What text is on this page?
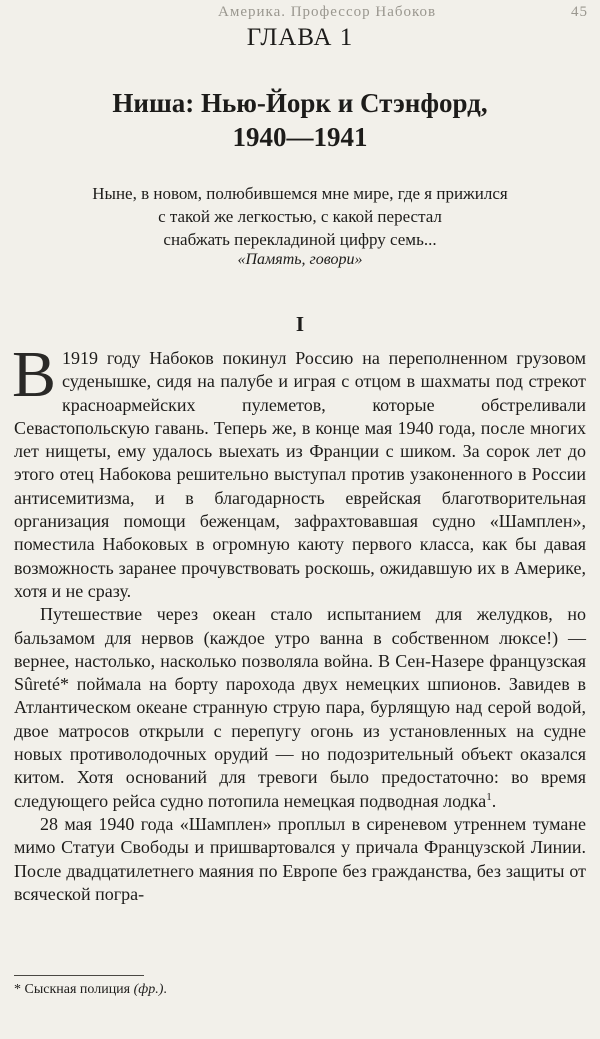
Америка. Профессор Набоков	45
ГЛАВА 1
Ниша: Нью-Йорк и Стэнфорд,
1940—1941
Ныне, в новом, полюбившемся мне мире, где я прижился
с такой же легкостью, с какой перестал
снабжать перекладиной цифру семь...
«Память, говори»
I

В 1919 году Набоков покинул Россию на переполненном грузовом суденышке, сидя на палубе и играя с отцом в шахматы под стрекот красноармейских пулеметов, которые обстреливали Севастопольскую гавань. Теперь же, в конце мая 1940 года, после многих лет нищеты, ему удалось выехать из Франции с шиком. За сорок лет до этого отец Набокова решительно выступал против узаконенного в России антисемитизма, и в благодарность еврейская благотворительная организация помощи беженцам, зафрахтовавшая судно «Шамплен», поместила Набоковых в огромную каюту первого класса, как бы давая возможность заранее прочувствовать роскошь, ожидавшую их в Америке, хотя и не сразу.

Путешествие через океан стало испытанием для желудков, но бальзамом для нервов (каждое утро ванна в собственном люксе!) — вернее, настолько, насколько позволяла война. В Сен-Назере французская Sûreté* поймала на борту парохода двух немецких шпионов. Завидев в Атлантическом океане странную струю пара, бурлящую над серой водой, двое матросов открыли с перепугу огонь из установленных на судне новых противолодочных орудий — но подозрительный объект оказался китом. Хотя оснований для тревоги было предостаточно: во время следующего рейса судно потопила немецкая подводная лодка$^1$.

28 мая 1940 года «Шамплен» проплыл в сиреневом утреннем тумане мимо Статуи Свободы и пришвартовался у причала Французской Линии. После двадцатилетнего маяния по Европе без гражданства, без защиты от всяческой погра-

* Сыскная полиция (фр.).
